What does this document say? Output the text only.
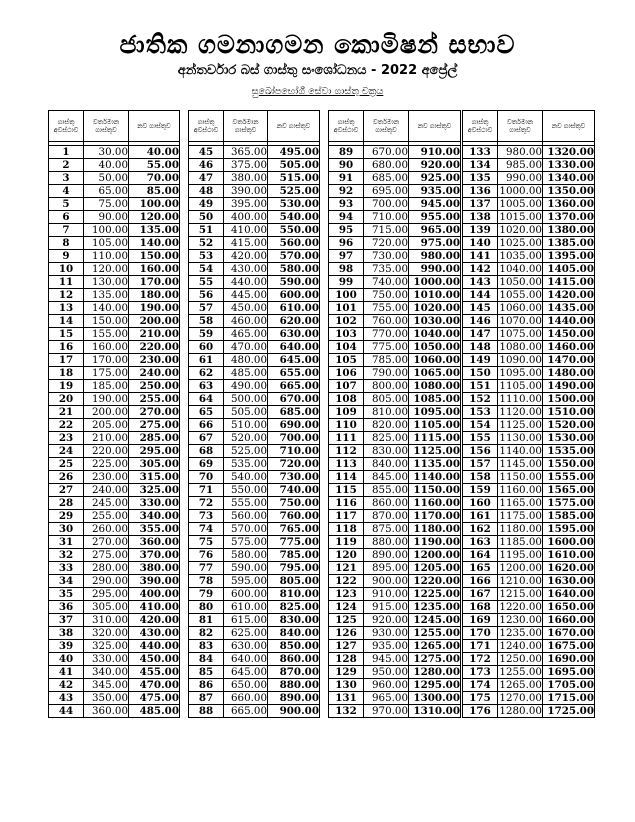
ජාතික ගමනාගමන කොමිෂන් සභාව
අන්තර්වාර බස් ගාස්තු සංශෝධනය - 2022 අප්‍රේල්
සුඛෝපභෝගී සේවා ගාස්තු චක්‍රය
ගාස්තු අවස්ථාව	වර්තමාන ගාස්තුව	නව ගාස්තුව

1	30.00	40.00
2	40.00	55.00
3	50.00	70.00
4	65.00	85.00
5	75.00	100.00
6	90.00	120.00
7	100.00	135.00
8	105.00	140.00
9	110.00	150.00
10	120.00	160.00
11	130.00	170.00
12	135.00	180.00
13	140.00	190.00
14	150.00	200.00
15	155.00	210.00
16	160.00	220.00
17	170.00	230.00
18	175.00	240.00
19	185.00	250.00
20	190.00	255.00
21	200.00	270.00
22	205.00	275.00
23	210.00	285.00
24	220.00	295.00
25	225.00	305.00
26	230.00	315.00
27	240.00	325.00
28	245.00	330.00
29	255.00	340.00
30	260.00	355.00
31	270.00	360.00
32	275.00	370.00
33	280.00	380.00
34	290.00	390.00
35	295.00	400.00
36	305.00	410.00
37	310.00	420.00
38	320.00	430.00
39	325.00	440.00
40	330.00	450.00
41	340.00	455.00
42	345.00	470.00
43	350.00	475.00
44	360.00	485.00
ගාස්තු අවස්ථාව	වර්තමාන ගාස්තුව	නව ගාස්තුව

45	365.00	495.00
46	375.00	505.00
47	380.00	515.00
48	390.00	525.00
49	395.00	530.00
50	400.00	540.00
51	410.00	550.00
52	415.00	560.00
53	420.00	570.00
54	430.00	580.00
55	440.00	590.00
56	445.00	600.00
57	450.00	610.00
58	460.00	620.00
59	465.00	630.00
60	470.00	640.00
61	480.00	645.00
62	485.00	655.00
63	490.00	665.00
64	500.00	670.00
65	505.00	685.00
66	510.00	690.00
67	520.00	700.00
68	525.00	710.00
69	535.00	720.00
70	540.00	730.00
71	550.00	740.00
72	555.00	750.00
73	560.00	760.00
74	570.00	765.00
75	575.00	775.00
76	580.00	785.00
77	590.00	795.00
78	595.00	805.00
79	600.00	810.00
80	610.00	825.00
81	615.00	830.00
82	625.00	840.00
83	630.00	850.00
84	640.00	860.00
85	645.00	870.00
86	650.00	880.00
87	660.00	890.00
88	665.00	900.00
ගාස්තු අවස්ථාව	වර්තමාන ගාස්තුව	නව ගාස්තුව

89	670.00	910.00
90	680.00	920.00
91	685.00	925.00
92	695.00	935.00
93	700.00	945.00
94	710.00	955.00
95	715.00	965.00
96	720.00	975.00
97	730.00	980.00
98	735.00	990.00
99	740.00	1000.00
100	750.00	1010.00
101	755.00	1020.00
102	760.00	1030.00
103	770.00	1040.00
104	775.00	1050.00
105	785.00	1060.00
106	790.00	1065.00
107	800.00	1080.00
108	805.00	1085.00
109	810.00	1095.00
110	820.00	1105.00
111	825.00	1115.00
112	830.00	1125.00
113	840.00	1135.00
114	845.00	1140.00
115	855.00	1150.00
116	860.00	1160.00
117	870.00	1170.00
118	875.00	1180.00
119	880.00	1190.00
120	890.00	1200.00
121	895.00	1205.00
122	900.00	1220.00
123	910.00	1225.00
124	915.00	1235.00
125	920.00	1245.00
126	930.00	1255.00
127	935.00	1265.00
128	945.00	1275.00
129	950.00	1280.00
130	960.00	1295.00
131	965.00	1300.00
132	970.00	1310.00
ගාස්තු අවස්ථාව	වර්තමාන ගාස්තුව	නව ගාස්තුව

133	980.00	1320.00
134	985.00	1330.00
135	990.00	1340.00
136	1000.00	1350.00
137	1005.00	1360.00
138	1015.00	1370.00
139	1020.00	1380.00
140	1025.00	1385.00
141	1035.00	1395.00
142	1040.00	1405.00
143	1050.00	1415.00
144	1055.00	1420.00
145	1060.00	1435.00
146	1070.00	1440.00
147	1075.00	1450.00
148	1080.00	1460.00
149	1090.00	1470.00
150	1095.00	1480.00
151	1105.00	1490.00
152	1110.00	1500.00
153	1120.00	1510.00
154	1125.00	1520.00
155	1130.00	1530.00
156	1140.00	1535.00
157	1145.00	1550.00
158	1150.00	1555.00
159	1160.00	1565.00
160	1165.00	1575.00
161	1175.00	1585.00
162	1180.00	1595.00
163	1185.00	1600.00
164	1195.00	1610.00
165	1200.00	1620.00
166	1210.00	1630.00
167	1215.00	1640.00
168	1220.00	1650.00
169	1230.00	1660.00
170	1235.00	1670.00
171	1240.00	1675.00
172	1250.00	1690.00
173	1255.00	1695.00
174	1265.00	1705.00
175	1270.00	1715.00
176	1280.00	1725.00
